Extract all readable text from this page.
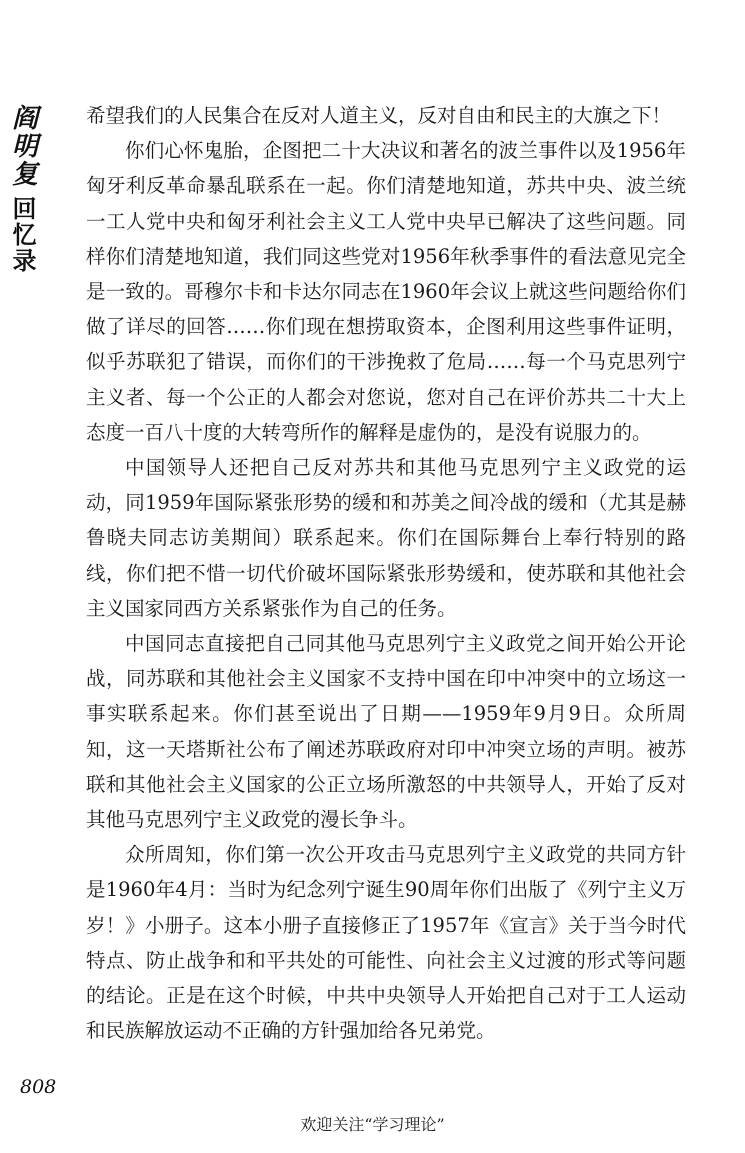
阎明复
回忆录

希望我们的人民集合在反对人道主义，反对自由和民主的大旗之下！

你们心怀鬼胎，企图把二十大决议和著名的波兰事件以及1956年匈牙利反革命暴乱联系在一起。你们清楚地知道，苏共中央、波兰统一工人党中央和匈牙利社会主义工人党中央早已解决了这些问题。同样你们清楚地知道，我们同这些党对1956年秋季事件的看法意见完全是一致的。哥穆尔卡和卡达尔同志在1960年会议上就这些问题给你们做了详尽的回答……你们现在想捞取资本，企图利用这些事件证明，似乎苏联犯了错误，而你们的干涉挽救了危局……每一个马克思列宁主义者、每一个公正的人都会对您说，您对自己在评价苏共二十大上态度一百八十度的大转弯所作的解释是虚伪的，是没有说服力的。

中国领导人还把自己反对苏共和其他马克思列宁主义政党的运动，同1959年国际紧张形势的缓和和苏美之间冷战的缓和（尤其是赫鲁晓夫同志访美期间）联系起来。你们在国际舞台上奉行特别的路线，你们把不惜一切代价破坏国际紧张形势缓和，使苏联和其他社会主义国家同西方关系紧张作为自己的任务。

中国同志直接把自己同其他马克思列宁主义政党之间开始公开论战，同苏联和其他社会主义国家不支持中国在印中冲突中的立场这一事实联系起来。你们甚至说出了日期——1959年9月9日。众所周知，这一天塔斯社公布了阐述苏联政府对印中冲突立场的声明。被苏联和其他社会主义国家的公正立场所激怒的中共领导人，开始了反对其他马克思列宁主义政党的漫长争斗。

众所周知，你们第一次公开攻击马克思列宁主义政党的共同方针是1960年4月：当时为纪念列宁诞生90周年你们出版了《列宁主义万岁！》小册子。这本小册子直接修正了1957年《宣言》关于当今时代特点、防止战争和和平共处的可能性、向社会主义过渡的形式等问题的结论。正是在这个时候，中共中央领导人开始把自己对于工人运动和民族解放运动不正确的方针强加给各兄弟党。

808
欢迎关注“学习理论”
